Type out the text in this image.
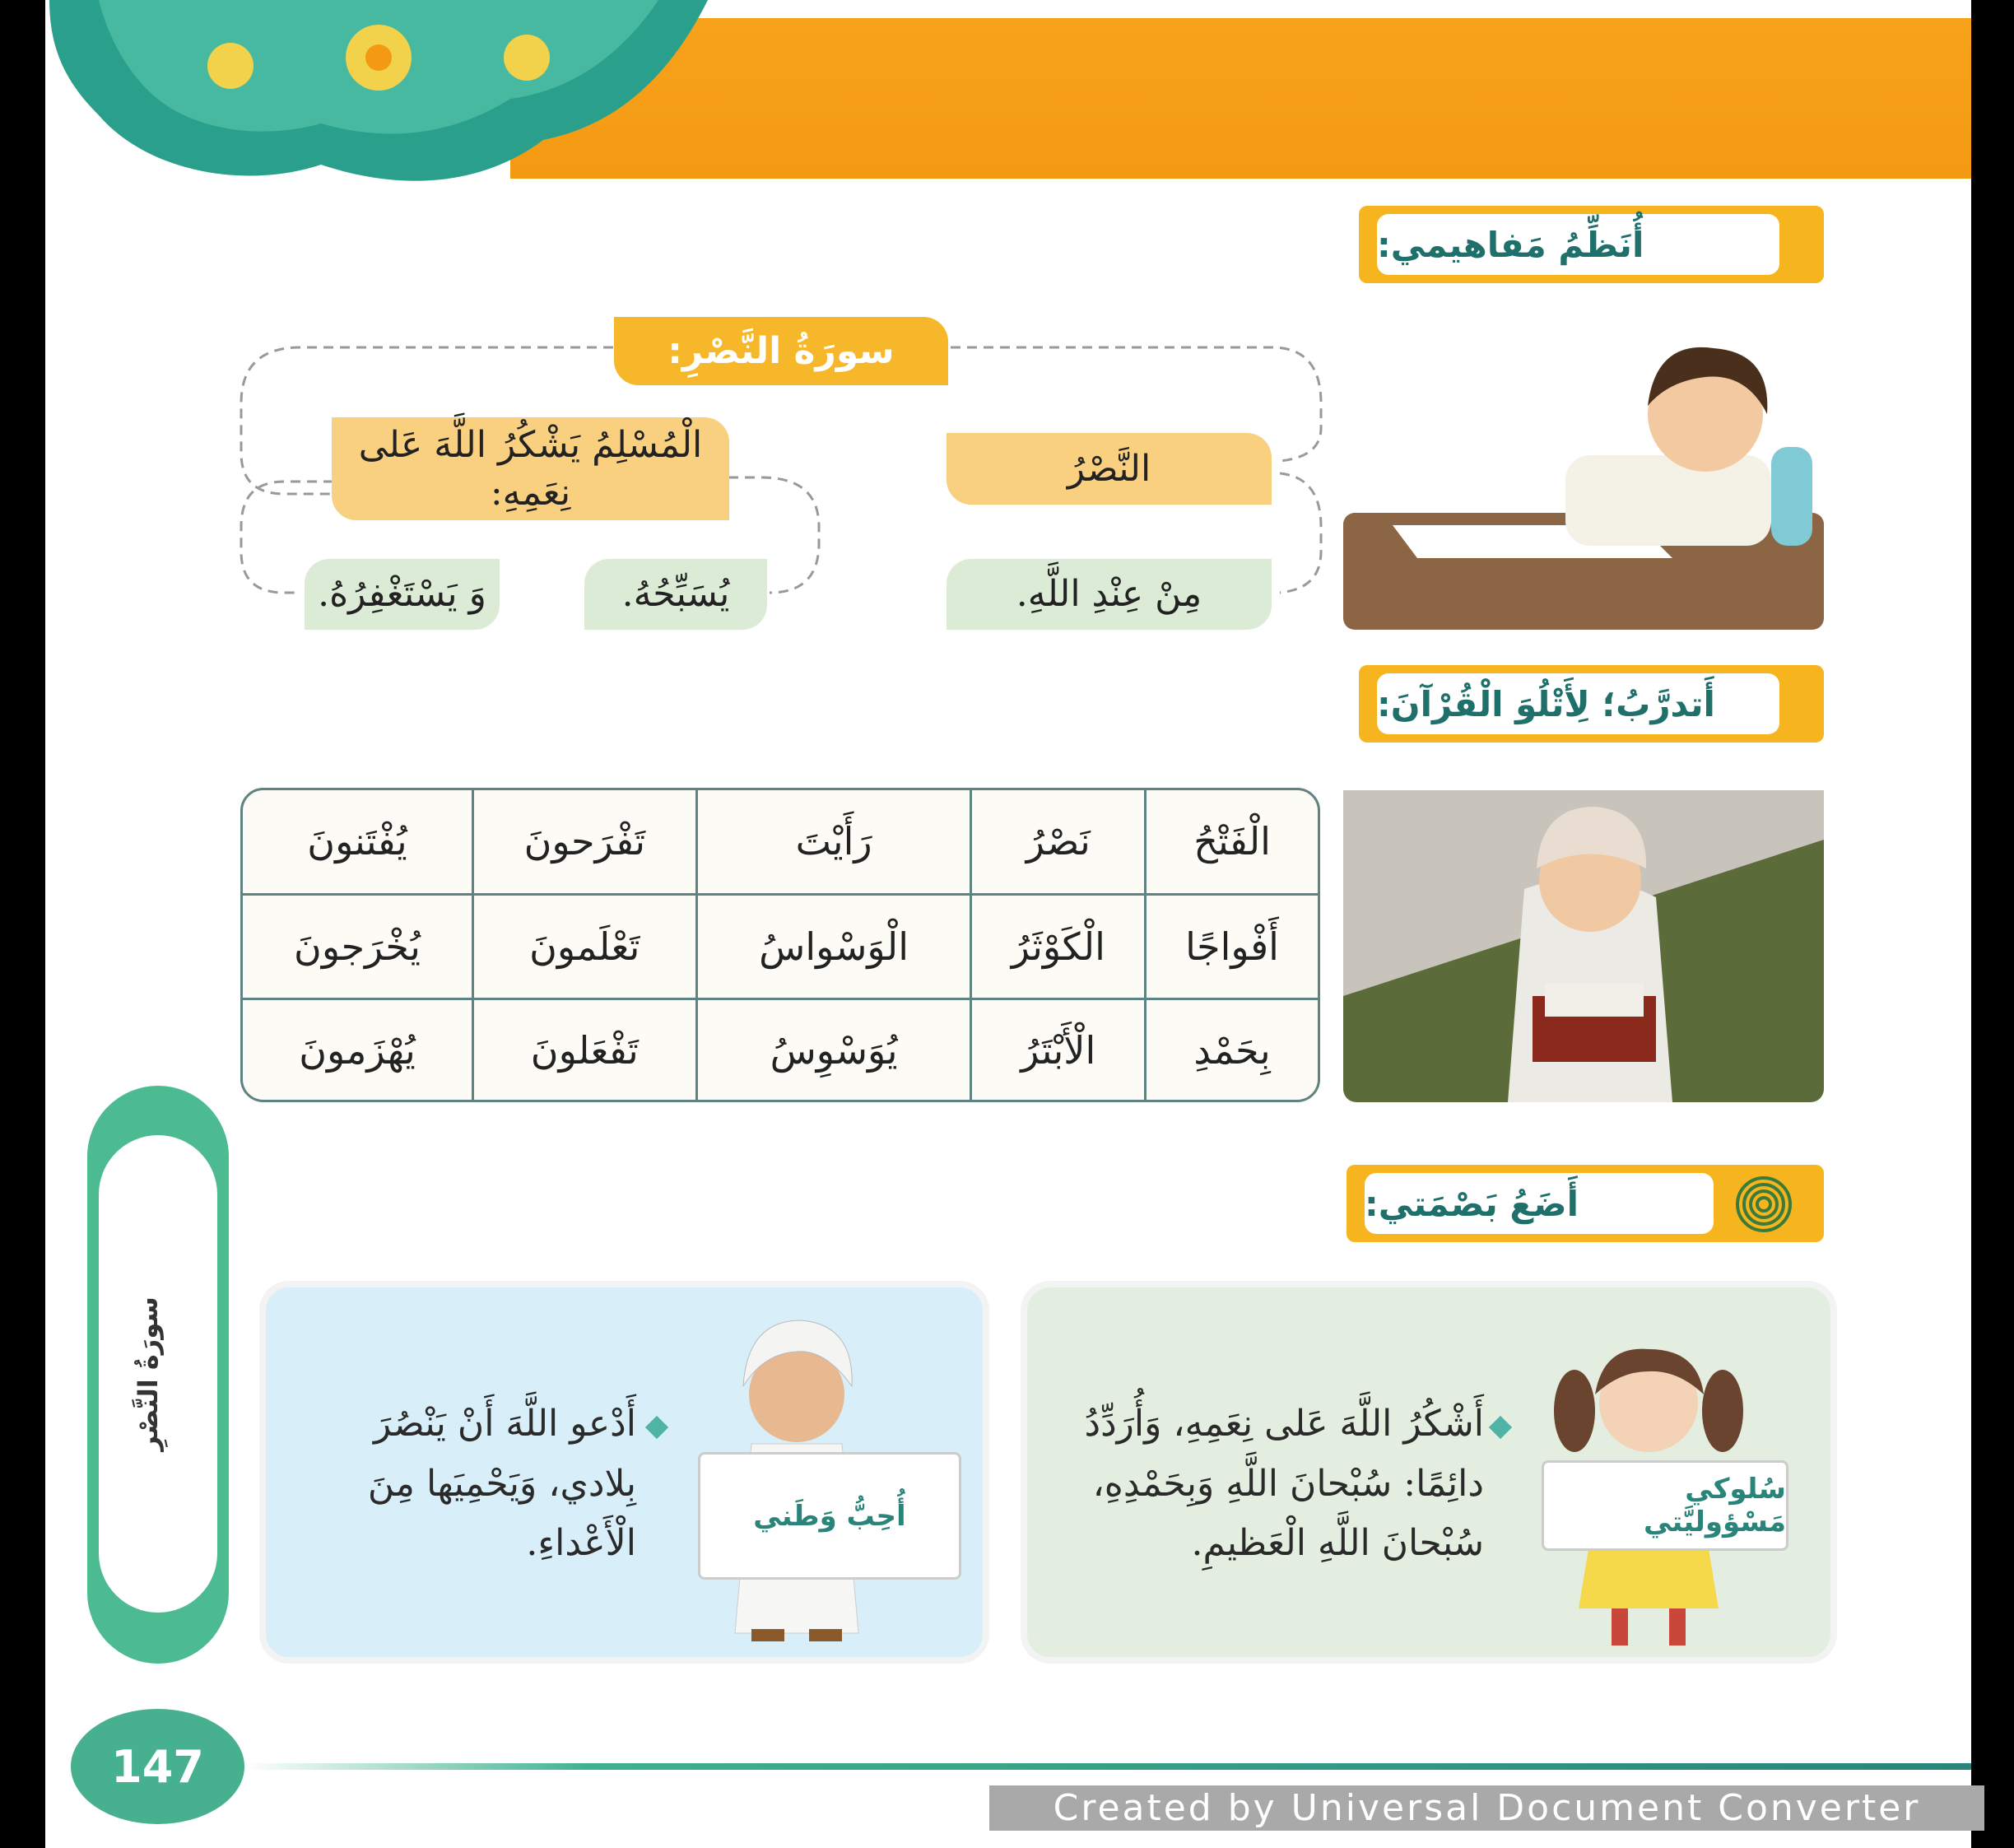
أُنَظِّمُ مَفاهيمي:
سورَةُ النَّصْرِ:
النَّصْرُ
الْمُسْلِمُ يَشْكُرُ اللَّهَ عَلى نِعَمِهِ:
مِنْ عِنْدِ اللَّهِ.
يُسَبِّحُهُ.
وَ يَسْتَغْفِرُهُ.
أَتدرَّبُ؛ لِأَتْلُوَ الْقُرْآنَ:
الْفَتْحُ	نَصْرُ	رَأَيْتَ	تَفْرَحونَ	يُفْتَنونَ
أَفْواجًا	الْكَوْثَرُ	الْوَسْواسُ	تَعْلَمونَ	يُخْرَجونَ
بِحَمْدِ	الْأَبْتَرُ	يُوَسْوِسُ	تَفْعَلونَ	يُهْزَمونَ
أَضَعُ بَصْمَتي:
سُلوكي مَسْؤوليَّتي
أَشْكُرُ اللَّهَ عَلى نِعَمِهِ، وَأُرَدِّدُ دائِمًا: سُبْحانَ اللَّهِ وَبِحَمْدِهِ، سُبْحانَ اللَّهِ الْعَظيمِ.
أُحِبُّ وَطَني
أَدْعو اللَّهَ أَنْ يَنْصُرَ بِلادي، وَيَحْمِيَها مِنَ الْأَعْداءِ.
سورَةُ النَّصْرِ
147
Created by Universal Document Converter
